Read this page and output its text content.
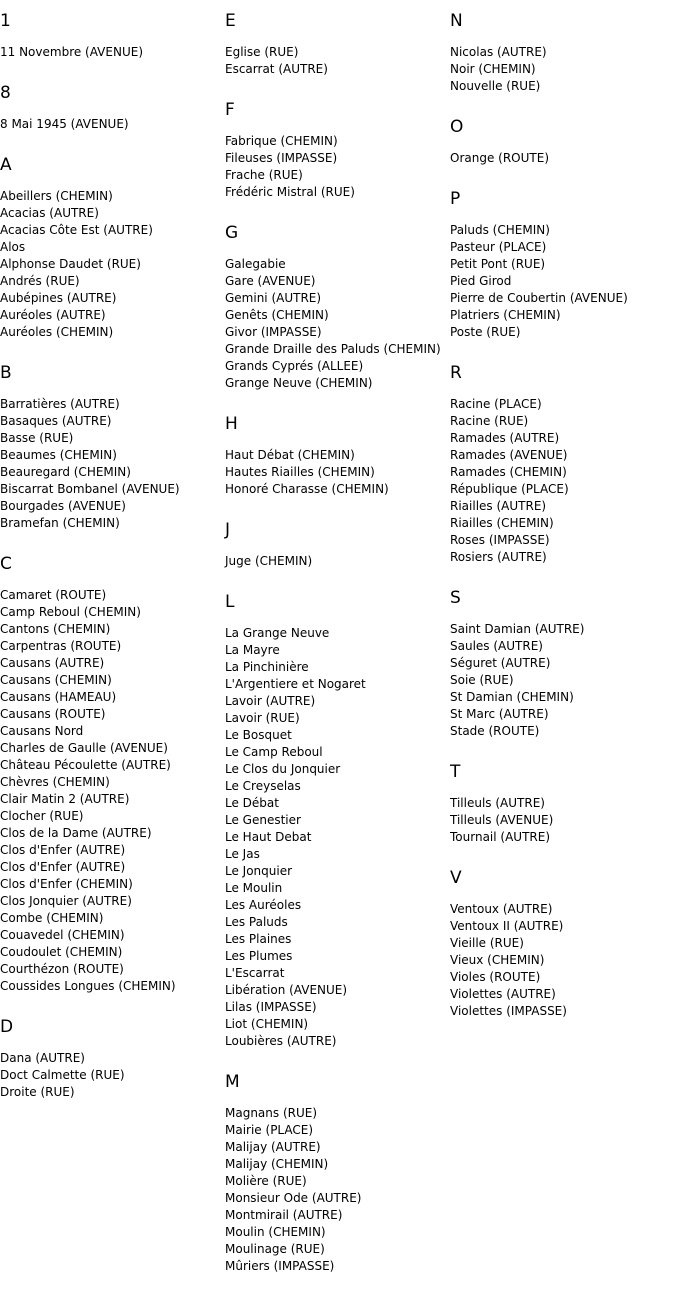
1
11 Novembre (AVENUE)
8
8 Mai 1945 (AVENUE)
A
Abeillers (CHEMIN)
Acacias (AUTRE)
Acacias Côte Est (AUTRE)
Alos
Alphonse Daudet (RUE)
Andrés (RUE)
Aubépines (AUTRE)
Auréoles (AUTRE)
Auréoles (CHEMIN)
B
Barratières (AUTRE)
Basaques (AUTRE)
Basse (RUE)
Beaumes (CHEMIN)
Beauregard (CHEMIN)
Biscarrat Bombanel (AVENUE)
Bourgades (AVENUE)
Bramefan (CHEMIN)
C
Camaret (ROUTE)
Camp Reboul (CHEMIN)
Cantons (CHEMIN)
Carpentras (ROUTE)
Causans (AUTRE)
Causans (CHEMIN)
Causans (HAMEAU)
Causans (ROUTE)
Causans Nord
Charles de Gaulle (AVENUE)
Château Pécoulette (AUTRE)
Chèvres (CHEMIN)
Clair Matin 2 (AUTRE)
Clocher (RUE)
Clos de la Dame (AUTRE)
Clos d'Enfer (AUTRE)
Clos d'Enfer (AUTRE)
Clos d'Enfer (CHEMIN)
Clos Jonquier (AUTRE)
Combe (CHEMIN)
Couavedel (CHEMIN)
Coudoulet (CHEMIN)
Courthézon (ROUTE)
Coussides Longues (CHEMIN)
D
Dana (AUTRE)
Doct Calmette (RUE)
Droite (RUE)
E
Eglise (RUE)
Escarrat (AUTRE)
F
Fabrique (CHEMIN)
Fileuses (IMPASSE)
Frache (RUE)
Frédéric Mistral (RUE)
G
Galegabie
Gare (AVENUE)
Gemini (AUTRE)
Genêts (CHEMIN)
Givor (IMPASSE)
Grande Draille des Paluds (CHEMIN)
Grands Cyprés (ALLEE)
Grange Neuve (CHEMIN)
H
Haut Débat (CHEMIN)
Hautes Riailles (CHEMIN)
Honoré Charasse (CHEMIN)
J
Juge (CHEMIN)
L
La Grange Neuve
La Mayre
La Pinchinière
L'Argentiere et Nogaret
Lavoir (AUTRE)
Lavoir (RUE)
Le Bosquet
Le Camp Reboul
Le Clos du Jonquier
Le Creyselas
Le Débat
Le Genestier
Le Haut Debat
Le Jas
Le Jonquier
Le Moulin
Les Auréoles
Les Paluds
Les Plaines
Les Plumes
L'Escarrat
Libération (AVENUE)
Lilas (IMPASSE)
Liot (CHEMIN)
Loubières (AUTRE)
M
Magnans (RUE)
Mairie (PLACE)
Malijay (AUTRE)
Malijay (CHEMIN)
Molière (RUE)
Monsieur Ode (AUTRE)
Montmirail (AUTRE)
Moulin (CHEMIN)
Moulinage (RUE)
Mûriers (IMPASSE)
N
Nicolas (AUTRE)
Noir (CHEMIN)
Nouvelle (RUE)
O
Orange (ROUTE)
P
Paluds (CHEMIN)
Pasteur (PLACE)
Petit Pont (RUE)
Pied Girod
Pierre de Coubertin (AVENUE)
Platriers (CHEMIN)
Poste (RUE)
R
Racine (PLACE)
Racine (RUE)
Ramades (AUTRE)
Ramades (AVENUE)
Ramades (CHEMIN)
République (PLACE)
Riailles (AUTRE)
Riailles (CHEMIN)
Roses (IMPASSE)
Rosiers (AUTRE)
S
Saint Damian (AUTRE)
Saules (AUTRE)
Séguret (AUTRE)
Soie (RUE)
St Damian (CHEMIN)
St Marc (AUTRE)
Stade (ROUTE)
T
Tilleuls (AUTRE)
Tilleuls (AVENUE)
Tournail (AUTRE)
V
Ventoux (AUTRE)
Ventoux II (AUTRE)
Vieille (RUE)
Vieux (CHEMIN)
Violes (ROUTE)
Violettes (AUTRE)
Violettes (IMPASSE)
